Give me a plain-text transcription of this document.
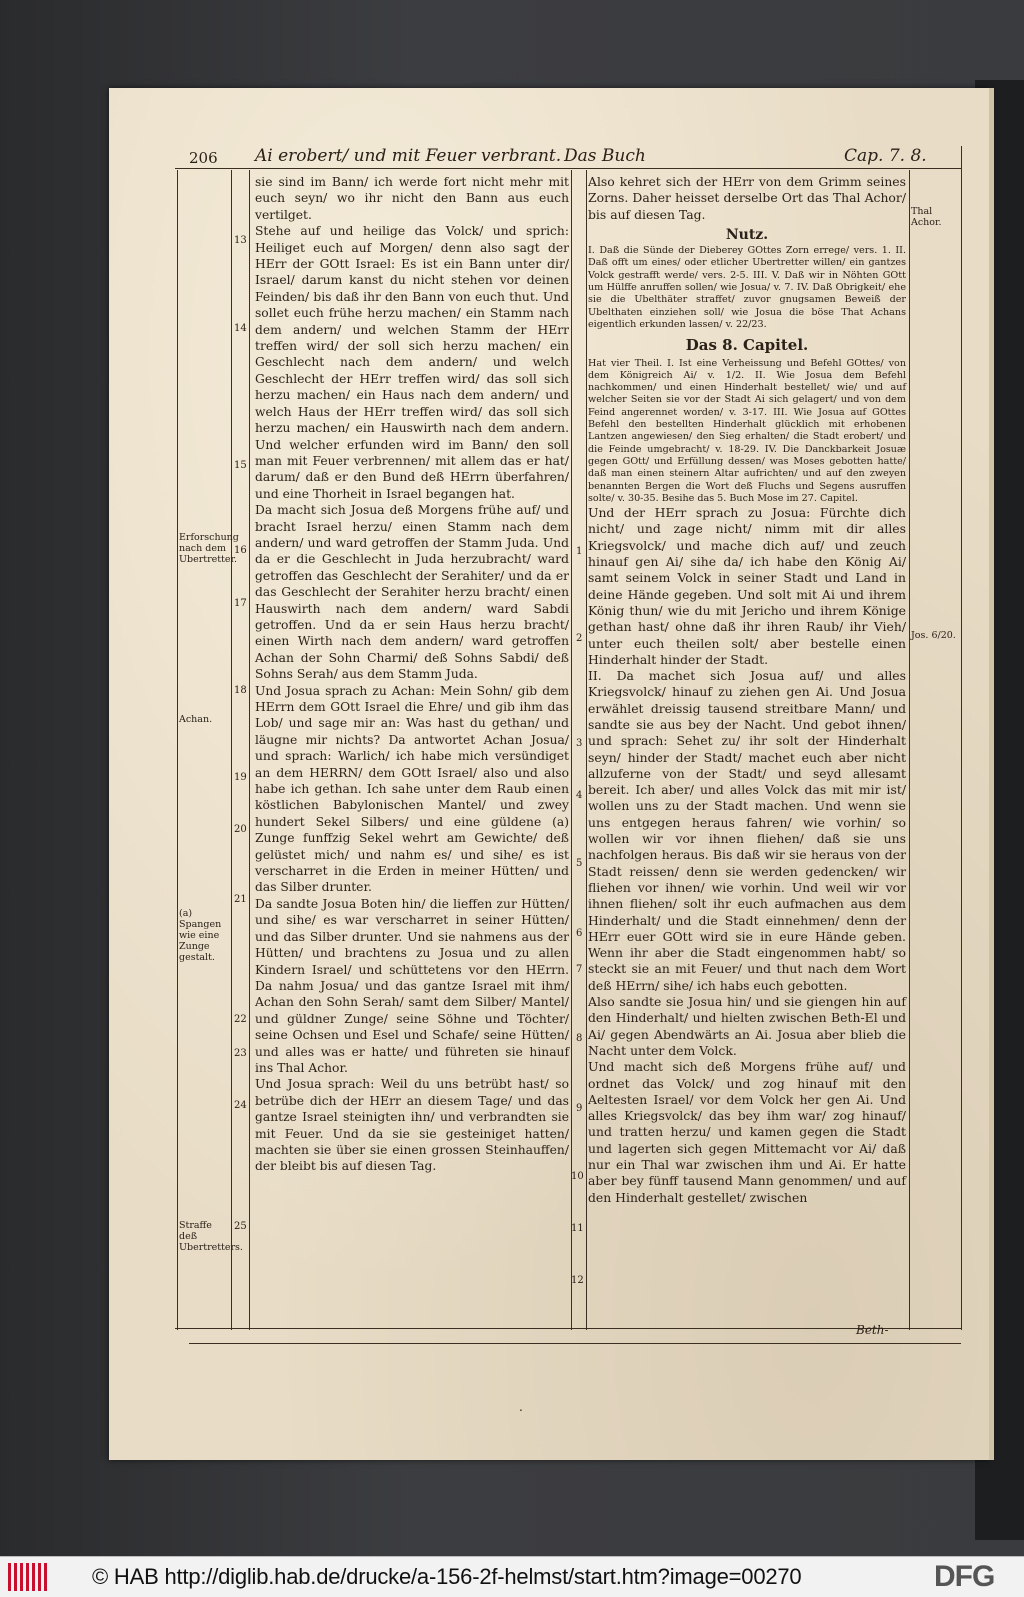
206 Ai erobert/ und mit Feuer verbrant. Das Buch	Cap. 7. 8.

sie sind im Bann/ ich werde fort nicht mehr mit euch seyn/ wo ihr nicht den Bann aus euch vertilget.

Stehe auf und heilige das Volck/ und sprich: Heiliget euch auf Morgen/ denn also sagt der HErr der GOtt Israel: Es ist ein Bann unter dir/ Israel/ darum kanst du nicht stehen vor deinen Feinden/ bis daß ihr den Bann von euch thut. Und sollet euch frühe herzu machen/ ein Stamm nach dem andern/ und welchen Stamm der HErr treffen wird/ der soll sich herzu machen/ ein Geschlecht nach dem andern/ und welch Geschlecht der HErr treffen wird/ das soll sich herzu machen/ ein Haus nach dem andern/ und welch Haus der HErr treffen wird/ das soll sich herzu machen/ ein Hauswirth nach dem andern. Und welcher erfunden wird im Bann/ den soll man mit Feuer verbrennen/ mit allem das er hat/ darum/ daß er den Bund deß HErrn überfahren/ und eine Thorheit in Israel begangen hat.

Da macht sich Josua deß Morgens frühe auf/ und bracht Israel herzu/ einen Stamm nach dem andern/ und ward getroffen der Stamm Juda. Und da er die Geschlecht in Juda herzubracht/ ward getroffen das Geschlecht der Serahiter/ und da er das Geschlecht der Serahiter herzu bracht/ einen Hauswirth nach dem andern/ ward Sabdi getroffen. Und da er sein Haus herzu bracht/ einen Wirth nach dem andern/ ward getroffen Achan der Sohn Charmi/ deß Sohns Sabdi/ deß Sohns Serah/ aus dem Stamm Juda.

Und Josua sprach zu Achan: Mein Sohn/ gib dem HErrn dem GOtt Israel die Ehre/ und gib ihm das Lob/ und sage mir an: Was hast du gethan/ und läugne mir nichts? Da antwortet Achan Josua/ und sprach: Warlich/ ich habe mich versündiget an dem HERRN/ dem GOtt Israel/ also und also habe ich gethan. Ich sahe unter dem Raub einen köstlichen Babylonischen Mantel/ und zwey hundert Sekel Silbers/ und eine güldene (a) Zunge funffzig Sekel wehrt am Gewichte/ deß gelüstet mich/ und nahm es/ und sihe/ es ist verscharret in die Erden in meiner Hütten/ und das Silber drunter.

Da sandte Josua Boten hin/ die lieffen zur Hütten/ und sihe/ es war verscharret in seiner Hütten/ und das Silber drunter. Und sie nahmens aus der Hütten/ und brachtens zu Josua und zu allen Kindern Israel/ und schüttetens vor den HErrn. Da nahm Josua/ und das gantze Israel mit ihm/ Achan den Sohn Serah/ samt dem Silber/ Mantel/ und güldner Zunge/ seine Söhne und Töchter/ seine Ochsen und Esel und Schafe/ seine Hütten/ und alles was er hatte/ und führeten sie hinauf ins Thal Achor.

Und Josua sprach: Weil du uns betrübt hast/ so betrübe dich der HErr an diesem Tage/ und das gantze Israel steinigten ihn/ und verbrandten sie mit Feuer. Und da sie sie gesteiniget hatten/ machten sie über sie einen grossen Steinhauffen/ der bleibt bis auf diesen Tag.

Also kehret sich der HErr von dem Grimm seines Zorns. Daher heisset derselbe Ort das Thal Achor/ bis auf diesen Tag.

Nutz.

I. Daß die Sünde der Dieberey GOttes Zorn errege/ vers. 1. II. Daß offt um eines/ oder etlicher Ubertretter willen/ ein gantzes Volck gestrafft werde/ vers. 2-5. III. V. Daß wir in Nöhten GOtt um Hülffe anruffen sollen/ wie Josua/ v. 7. IV. Daß Obrigkeit/ ehe sie die Ubelthäter straffet/ zuvor gnugsamen Beweiß der Ubelthaten einziehen soll/ wie Josua die böse That Achans eigentlich erkunden lassen/ v. 22/23.

Das 8. Capitel.

Hat vier Theil. I. Ist eine Verheissung und Befehl GOttes/ von dem Königreich Ai/ v. 1/2. II. Wie Josua dem Befehl nachkommen/ und einen Hinderhalt bestellet/ wie/ und auf welcher Seiten sie vor der Stadt Ai sich gelagert/ und von dem Feind angerennet worden/ v. 3-17. III. Wie Josua auf GOttes Befehl den bestellten Hinderhalt glücklich mit erhobenen Lantzen angewiesen/ den Sieg erhalten/ die Stadt erobert/ und die Feinde umgebracht/ v. 18-29. IV. Die Danckbarkeit Josuæ gegen GOtt/ und Erfüllung dessen/ was Moses gebotten hatte/ daß man einen steinern Altar aufrichten/ und auf den zweyen benannten Bergen die Wort deß Fluchs und Segens ausruffen solte/ v. 30-35. Besihe das 5. Buch Mose im 27. Capitel.

Und der HErr sprach zu Josua: Fürchte dich nicht/ und zage nicht/ nimm mit dir alles Kriegsvolck/ und mache dich auf/ und zeuch hinauf gen Ai/ sihe da/ ich habe den König Ai/ samt seinem Volck in seiner Stadt und Land in deine Hände gegeben. Und solt mit Ai und ihrem König thun/ wie du mit Jericho und ihrem Könige gethan hast/ ohne daß ihr ihren Raub/ ihr Vieh/ unter euch theilen solt/ aber bestelle einen Hinderhalt hinder der Stadt.

II. Da machet sich Josua auf/ und alles Kriegsvolck/ hinauf zu ziehen gen Ai. Und Josua erwählet dreissig tausend streitbare Mann/ und sandte sie aus bey der Nacht. Und gebot ihnen/ und sprach: Sehet zu/ ihr solt der Hinderhalt seyn/ hinder der Stadt/ machet euch aber nicht allzuferne von der Stadt/ und seyd allesamt bereit. Ich aber/ und alles Volck das mit mir ist/ wollen uns zu der Stadt machen. Und wenn sie uns entgegen heraus fahren/ wie vorhin/ so wollen wir vor ihnen fliehen/ daß sie uns nachfolgen heraus. Bis daß wir sie heraus von der Stadt reissen/ denn sie werden gedencken/ wir fliehen vor ihnen/ wie vorhin. Und weil wir vor ihnen fliehen/ solt ihr euch aufmachen aus dem Hinderhalt/ und die Stadt einnehmen/ denn der HErr euer GOtt wird sie in eure Hände geben. Wenn ihr aber die Stadt eingenommen habt/ so steckt sie an mit Feuer/ und thut nach dem Wort deß HErrn/ sihe/ ich habs euch gebotten.

Also sandte sie Josua hin/ und sie giengen hin auf den Hinderhalt/ und hielten zwischen Beth-El und Ai/ gegen Abendwärts an Ai. Josua aber blieb die Nacht unter dem Volck.

Und macht sich deß Morgens frühe auf/ und ordnet das Volck/ und zog hinauf mit den Aeltesten Israel/ vor dem Volck her gen Ai. Und alles Kriegsvolck/ das bey ihm war/ zog hinauf/ und tratten herzu/ und kamen gegen die Stadt und lagerten sich gegen Mittemacht vor Ai/ daß nur ein Thal war zwischen ihm und Ai. Er hatte aber bey fünff tausend Mann genommen/ und auf den Hinderhalt gestellet/ zwischen

13
14
15
16
17
18
19
20
21
22
23
24
25
1
2
3
4
5
6
7
8
9
10
11
12
Erforschung nach dem Ubertretter.
Achan.
(a) Spangen wie eine Zunge gestalt.
Straffe deß Ubertretters.
Thal Achor.
Jos. 6/20.
Beth-
.
© HAB http://diglib.hab.de/drucke/a-156-2f-helmst/start.htm?image=00270	DFG
